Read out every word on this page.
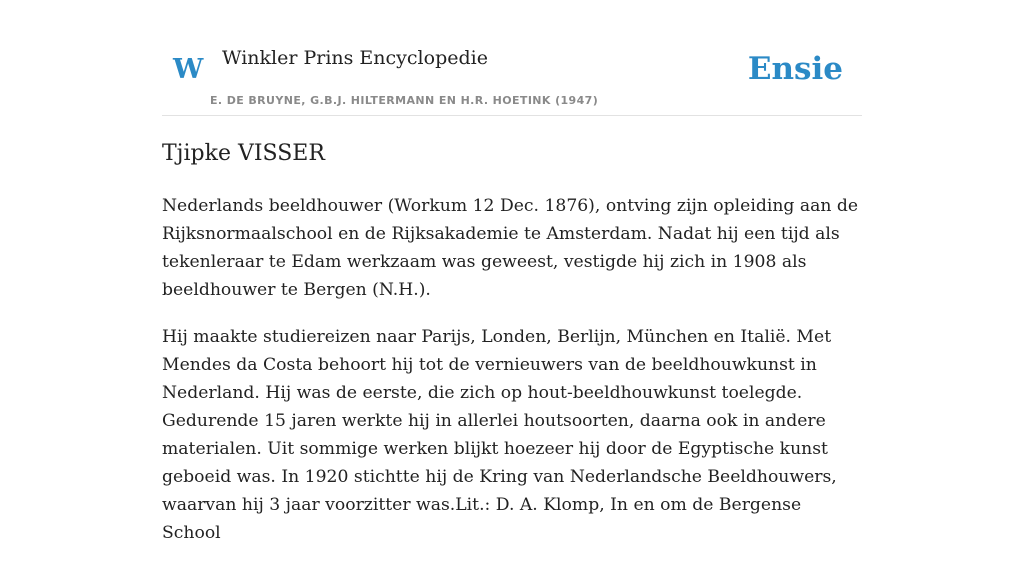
W Winkler Prins Encyclopedie
E. DE BRUYNE, G.B.J. HILTERMANN EN H.R. HOETINK (1947)
Ensie
Tjipke VISSER

Nederlands beeldhouwer (Workum 12 Dec. 1876), ontving zijn opleiding aan de Rijksnormaalschool en de Rijksakademie te Amsterdam. Nadat hij een tijd als tekenleraar te Edam werkzaam was geweest, vestigde hij zich in 1908 als beeldhouwer te Bergen (N.H.).

Hij maakte studiereizen naar Parijs, Londen, Berlijn, München en Italië. Met Mendes da Costa behoort hij tot de vernieuwers van de beeldhouwkunst in Nederland. Hij was de eerste, die zich op hout-beeldhouwkunst toelegde. Gedurende 15 jaren werkte hij in allerlei houtsoorten, daarna ook in andere materialen. Uit sommige werken blijkt hoezeer hij door de Egyptische kunst geboeid was. In 1920 stichtte hij de Kring van Nederlandsche Beeldhouwers, waarvan hij 3 jaar voorzitter was.Lit.: D. A. Klomp, In en om de Bergense School
